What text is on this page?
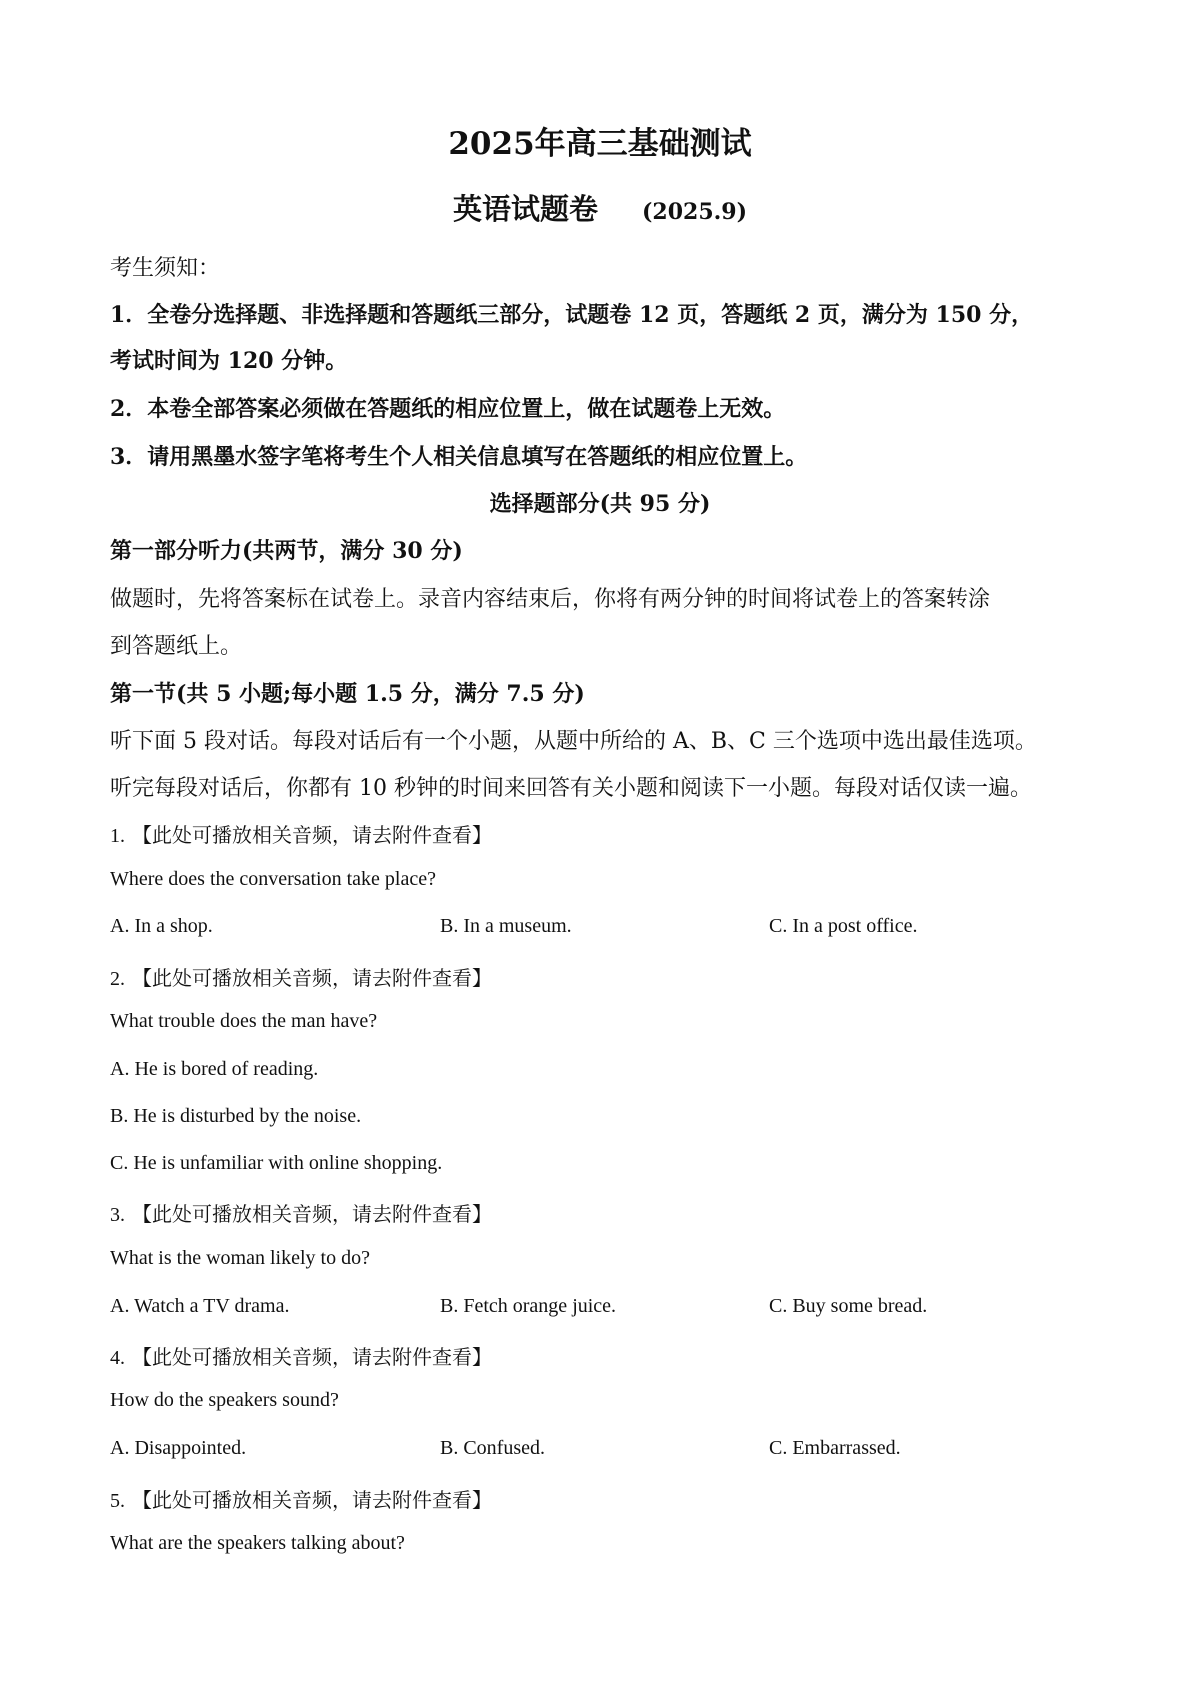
2025年高三基础测试
英语试题卷 (2025.9)
考生须知：
1．全卷分选择题、非选择题和答题纸三部分，试题卷 12 页，答题纸 2 页，满分为 150 分，
考试时间为 120 分钟。
2．本卷全部答案必须做在答题纸的相应位置上，做在试题卷上无效。
3．请用黑墨水签字笔将考生个人相关信息填写在答题纸的相应位置上。
选择题部分(共 95 分)
第一部分听力(共两节，满分 30 分)
做题时，先将答案标在试卷上。录音内容结束后，你将有两分钟的时间将试卷上的答案转涂
到答题纸上。
第一节(共 5 小题;每小题 1.5 分，满分 7.5 分)
听下面 5 段对话。每段对话后有一个小题，从题中所给的 A、B、C 三个选项中选出最佳选项。
听完每段对话后，你都有 10 秒钟的时间来回答有关小题和阅读下一小题。每段对话仅读一遍。
1. 【此处可播放相关音频，请去附件查看】
Where does the conversation take place?
A. In a shop.	B. In a museum.	C. In a post office.
2. 【此处可播放相关音频，请去附件查看】
What trouble does the man have?
A. He is bored of reading.
B. He is disturbed by the noise.
C. He is unfamiliar with online shopping.
3. 【此处可播放相关音频，请去附件查看】
What is the woman likely to do?
A. Watch a TV drama.	B. Fetch orange juice.	C. Buy some bread.
4. 【此处可播放相关音频，请去附件查看】
How do the speakers sound?
A. Disappointed.	B. Confused.	C. Embarrassed.
5. 【此处可播放相关音频，请去附件查看】
What are the speakers talking about?
